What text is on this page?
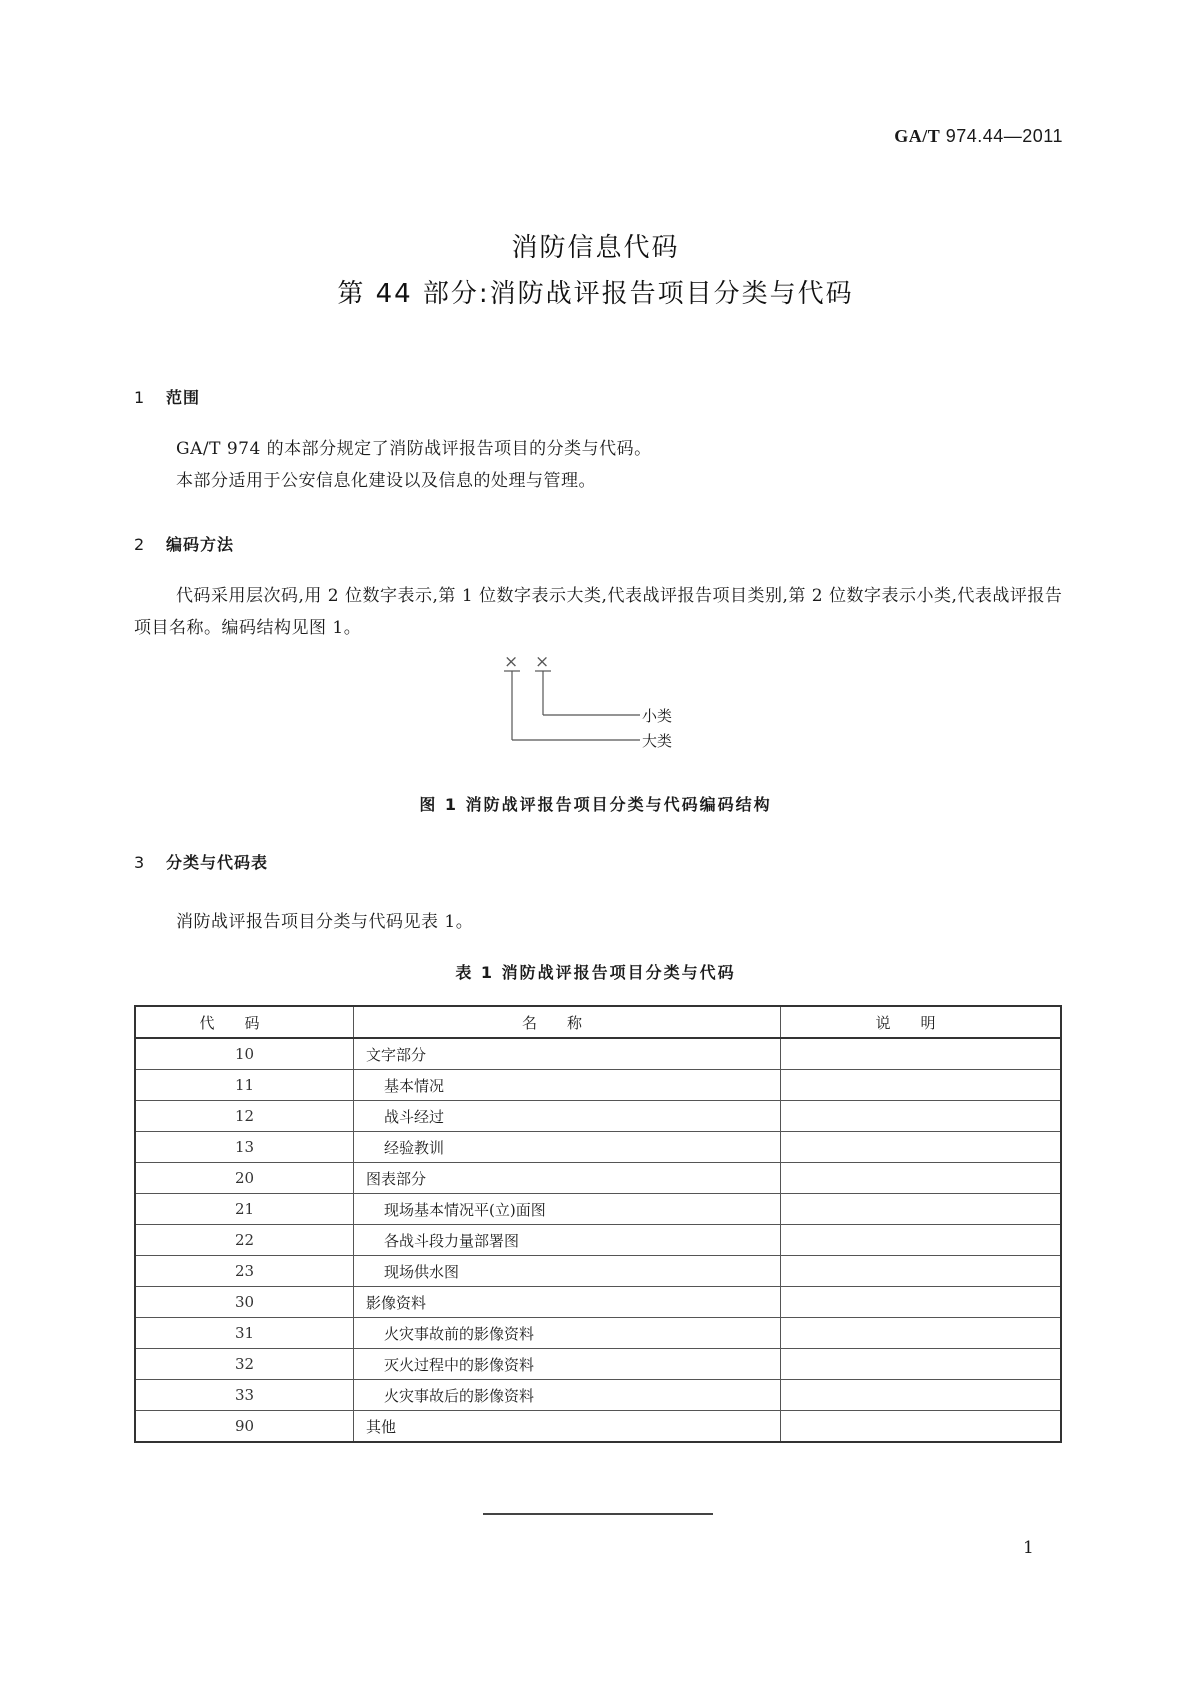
GA/T 974.44—2011
消防信息代码
第 44 部分:消防战评报告项目分类与代码
1 范围
GA/T 974 的本部分规定了消防战评报告项目的分类与代码。
本部分适用于公安信息化建设以及信息的处理与管理。
2 编码方法
代码采用层次码,用 2 位数字表示,第 1 位数字表示大类,代表战评报告项目类别,第 2 位数字表示小类,代表战评报告项目名称。编码结构见图 1。
× ×
小类
大类
图 1 消防战评报告项目分类与代码编码结构
3 分类与代码表
消防战评报告项目分类与代码见表 1。
表 1 消防战评报告项目分类与代码
代码	名称	说明
10	文字部分	
11	基本情况	
12	战斗经过	
13	经验教训	
20	图表部分	
21	现场基本情况平(立)面图	
22	各战斗段力量部署图	
23	现场供水图	
30	影像资料	
31	火灾事故前的影像资料	
32	灭火过程中的影像资料	
33	火灾事故后的影像资料	
90	其他	
1
